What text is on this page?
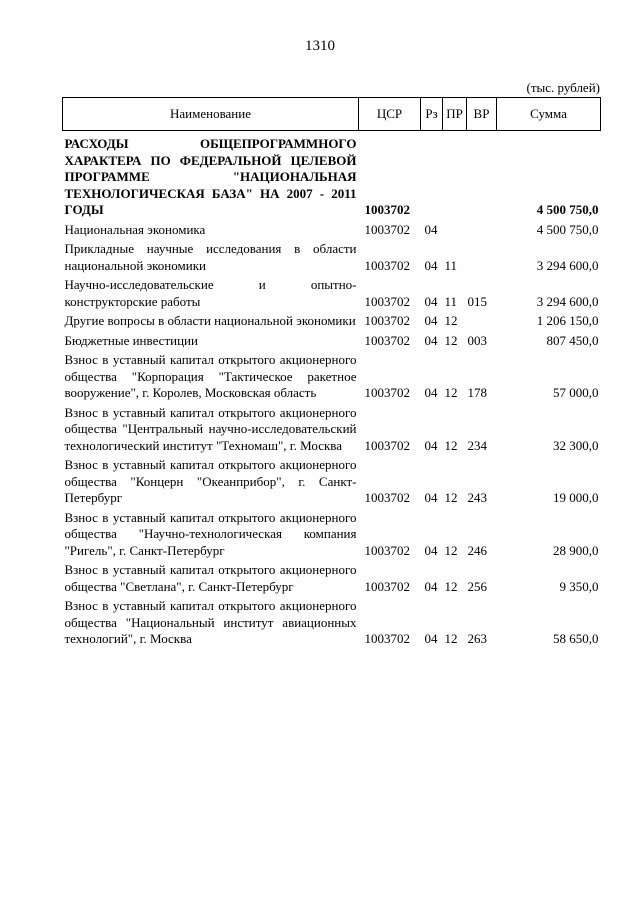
1310
(тыс. рублей)
Наименование	ЦСР	Рз	ПР	ВР	Сумма
РАСХОДЫ ОБЩЕПРОГРАММНОГО ХАРАКТЕРА ПО ФЕДЕРАЛЬНОЙ ЦЕЛЕВОЙ ПРОГРАММЕ "НАЦИОНАЛЬНАЯ ТЕХНОЛОГИЧЕСКАЯ БАЗА" НА 2007 - 2011 ГОДЫ	1003702				4 500 750,0
Национальная экономика	1003702	04			4 500 750,0
Прикладные научные исследования в области национальной экономики	1003702	04	11		3 294 600,0
Научно-исследовательские и опытно-конструкторские работы	1003702	04	11	015	3 294 600,0
Другие вопросы в области национальной экономики	1003702	04	12		1 206 150,0
Бюджетные инвестиции	1003702	04	12	003	807 450,0
Взнос в уставный капитал открытого акционерного общества "Корпорация "Тактическое ракетное вооружение", г. Королев, Московская область	1003702	04	12	178	57 000,0
Взнос в уставный капитал открытого акционерного общества "Центральный научно-исследовательский технологический институт "Техномаш", г. Москва	1003702	04	12	234	32 300,0
Взнос в уставный капитал открытого акционерного общества "Концерн "Океанприбор", г. Санкт-Петербург	1003702	04	12	243	19 000,0
Взнос в уставный капитал открытого акционерного общества "Научно-технологическая компания "Ригель", г. Санкт-Петербург	1003702	04	12	246	28 900,0
Взнос в уставный капитал открытого акционерного общества "Светлана", г. Санкт-Петербург	1003702	04	12	256	9 350,0
Взнос в уставный капитал открытого акционерного общества "Национальный институт авиационных технологий", г. Москва	1003702	04	12	263	58 650,0
